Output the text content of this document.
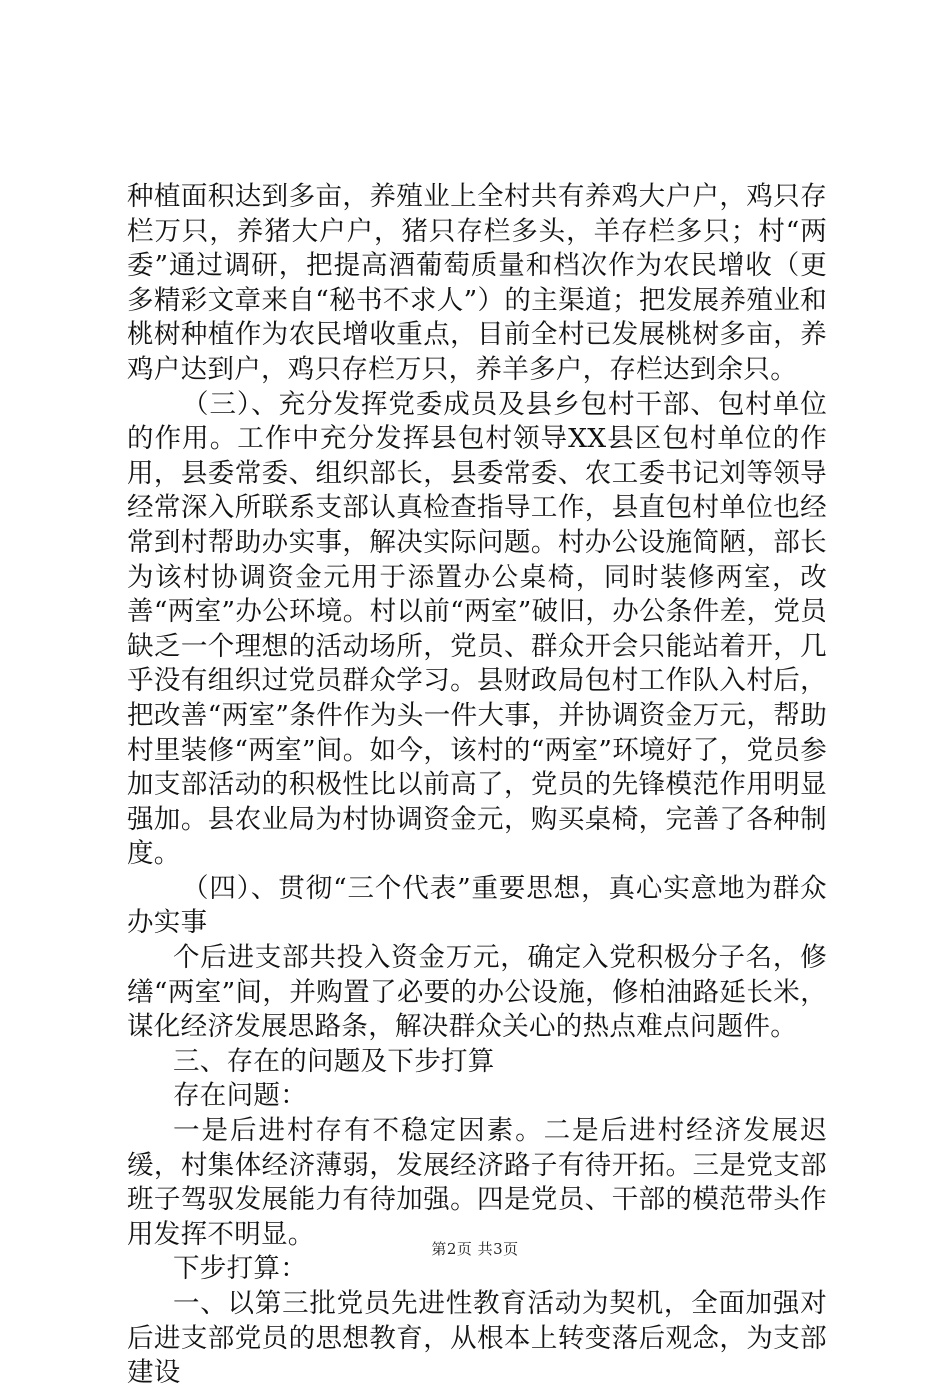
种植面积达到多亩，养殖业上全村共有养鸡大户户，鸡只存栏万只，养猪大户户，猪只存栏多头，羊存栏多只；村“两委”通过调研，把提高酒葡萄质量和档次作为农民增收（更多精彩文章来自“秘书不求人”）的主渠道；把发展养殖业和桃树种植作为农民增收重点，目前全村已发展桃树多亩，养鸡户达到户，鸡只存栏万只，养羊多户，存栏达到余只。

（三）、充分发挥党委成员及县乡包村干部、包村单位的作用。工作中充分发挥县包村领导XX县区包村单位的作用，县委常委、组织部长，县委常委、农工委书记刘等领导经常深入所联系支部认真检查指导工作，县直包村单位也经常到村帮助办实事，解决实际问题。村办公设施简陋，部长为该村协调资金元用于添置办公桌椅，同时装修两室，改善“两室”办公环境。村以前“两室”破旧，办公条件差，党员缺乏一个理想的活动场所，党员、群众开会只能站着开，几乎没有组织过党员群众学习。县财政局包村工作队入村后，把改善“两室”条件作为头一件大事，并协调资金万元，帮助村里装修“两室”间。如今，该村的“两室”环境好了，党员参加支部活动的积极性比以前高了，党员的先锋模范作用明显强加。县农业局为村协调资金元，购买桌椅，完善了各种制度。

（四）、贯彻“三个代表”重要思想，真心实意地为群众办实事

个后进支部共投入资金万元，确定入党积极分子名，修缮“两室”间，并购置了必要的办公设施，修柏油路延长米，谋化经济发展思路条，解决群众关心的热点难点问题件。

三、存在的问题及下步打算

存在问题：

一是后进村存有不稳定因素。二是后进村经济发展迟缓，村集体经济薄弱，发展经济路子有待开拓。三是党支部班子驾驭发展能力有待加强。四是党员、干部的模范带头作用发挥不明显。

下步打算：

一、以第三批党员先进性教育活动为契机，全面加强对后进支部党员的思想教育，从根本上转变落后观念，为支部建设

第2页 共3页
